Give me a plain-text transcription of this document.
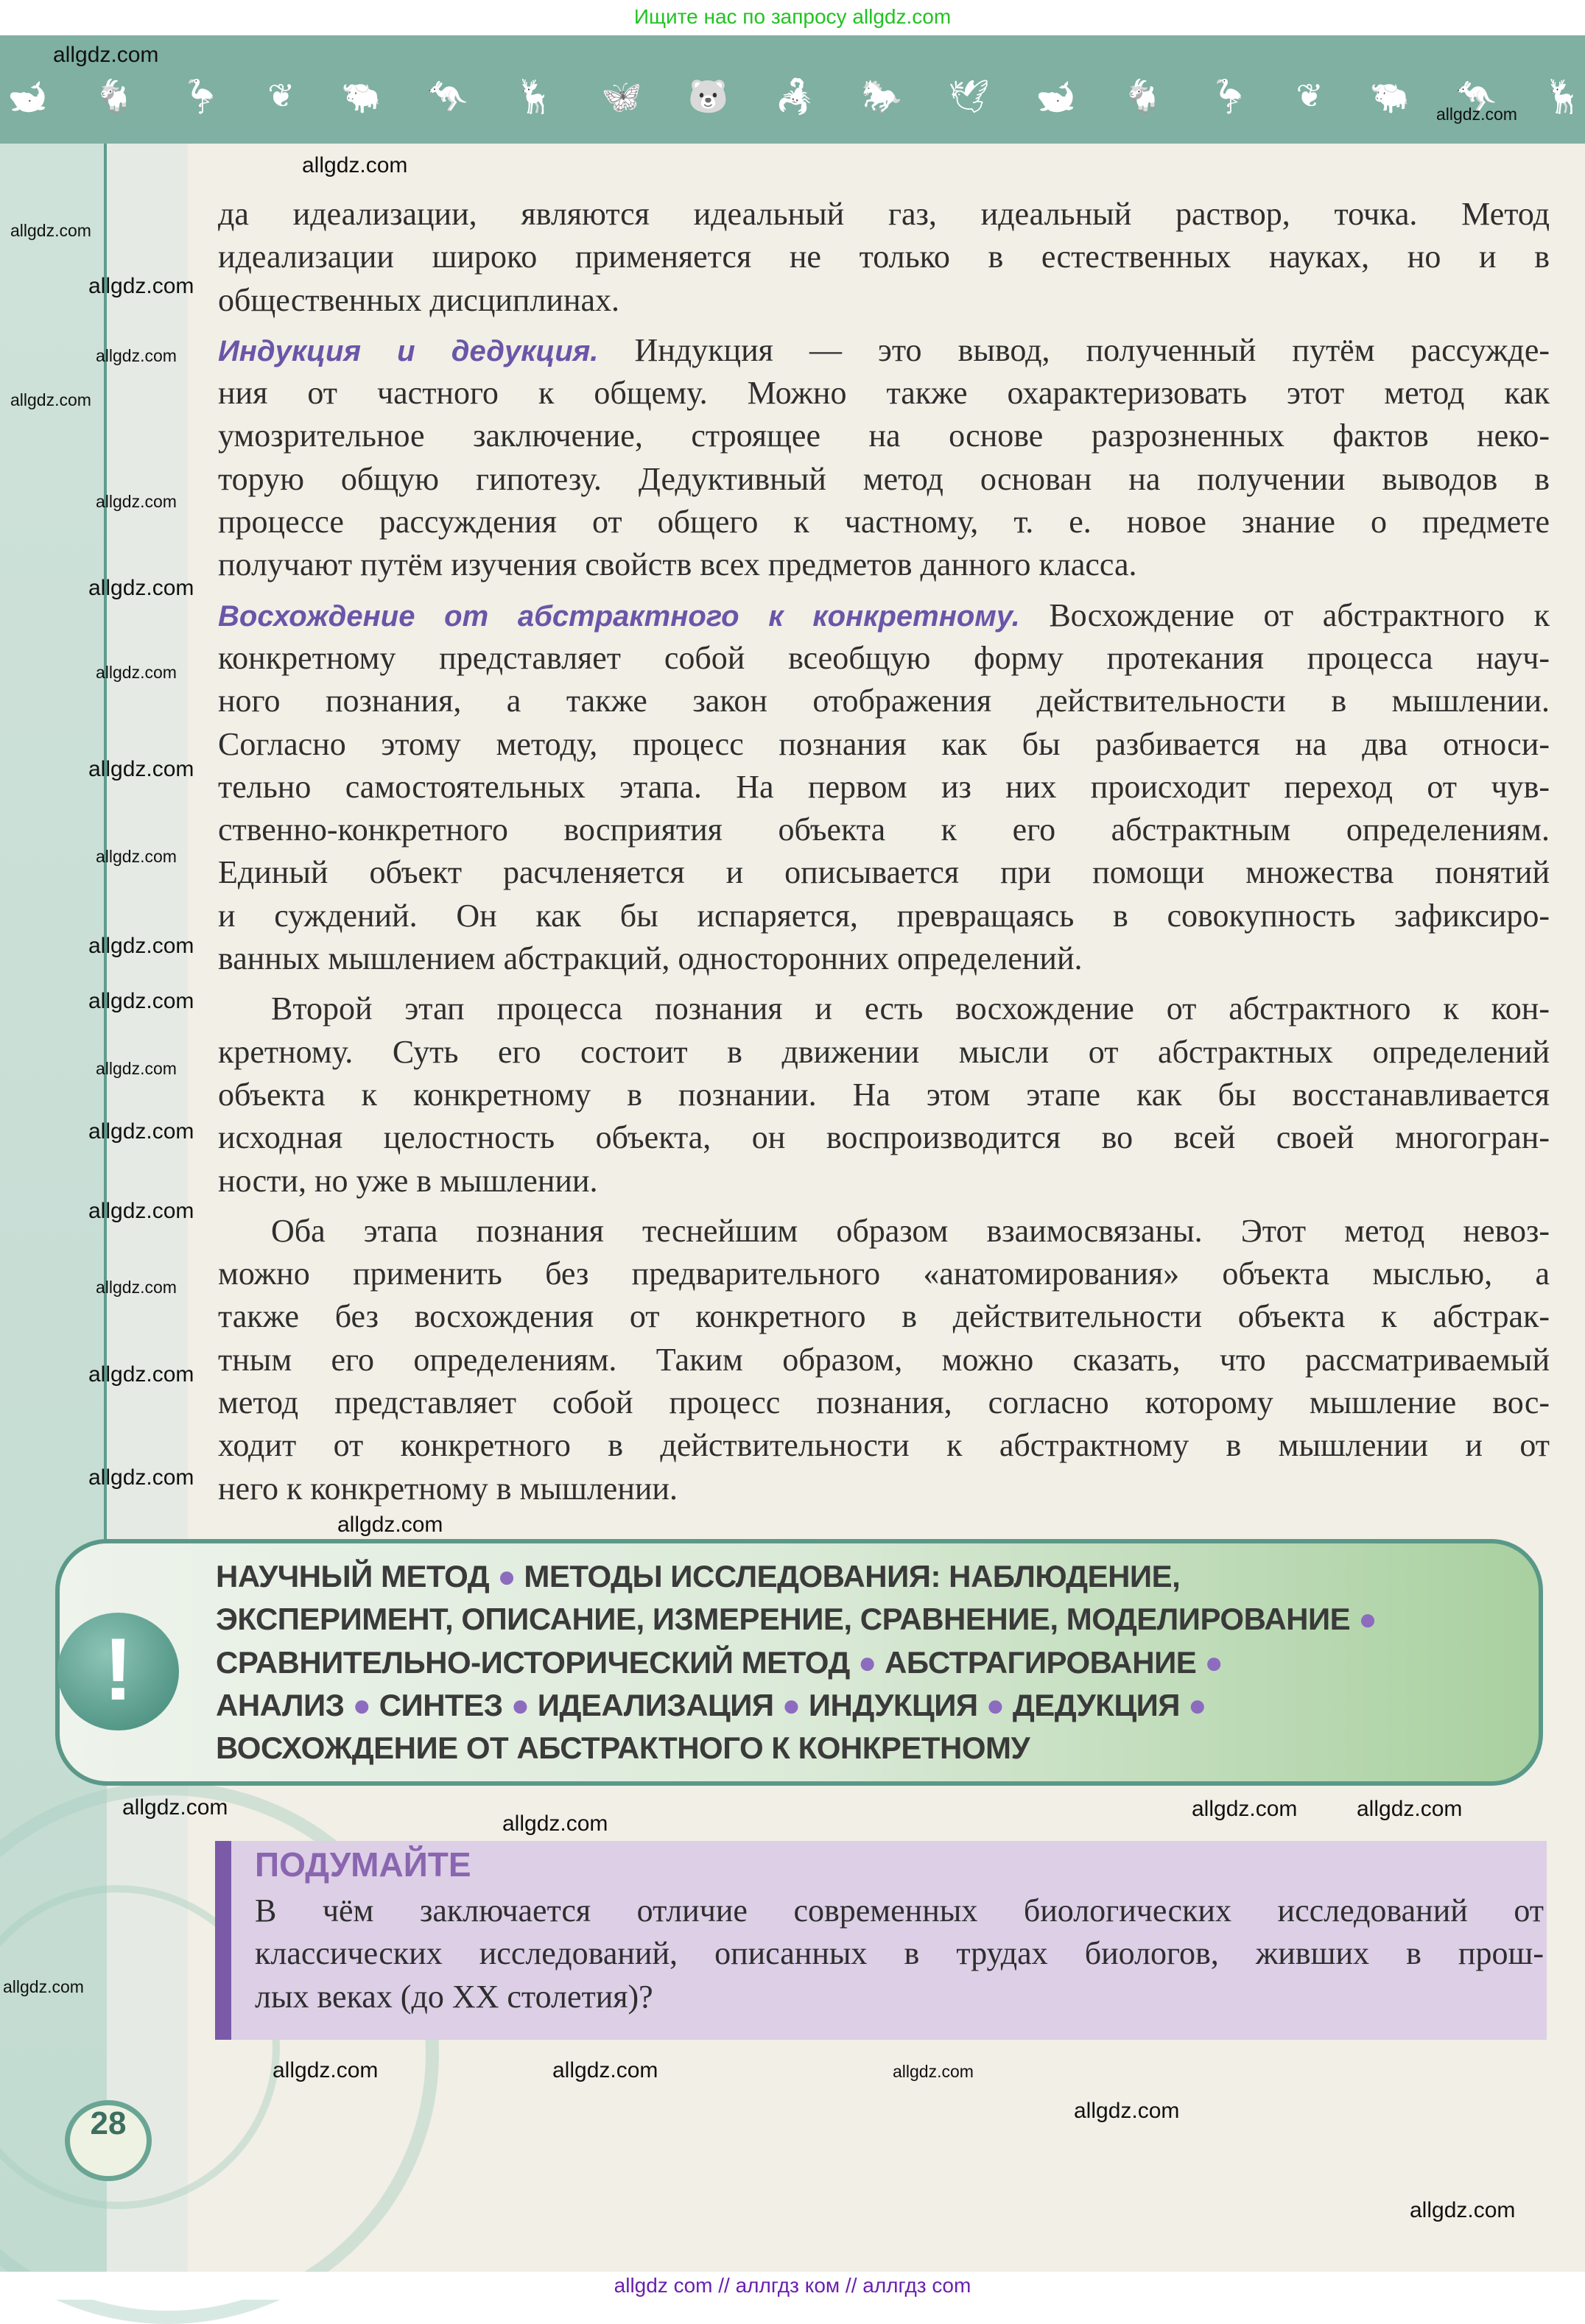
Ищите нас по запросу allgdz.com
🐋 🐐 🦩 ❦ 🐃 🦘 🦌 🦋 🐻 🦂 🐎 🕊 🐋 🐐 🦩 ❦ 🐃 🦘 🦌
да идеализации, являются идеальный газ, идеальный раствор, точка. Метод
идеализации широко применяется не только в естественных науках, но и в
общественных дисциплинах.
Индукция и дедукция. Индукция — это вывод, полученный путём рассужде-
ния от частного к общему. Можно также охарактеризовать этот метод как
умозрительное заключение, строящее на основе разрозненных фактов неко-
торую общую гипотезу. Дедуктивный метод основан на получении выводов в
процессе рассуждения от общего к частному, т. е. новое знание о предмете
получают путём изучения свойств всех предметов данного класса.
Восхождение от абстрактного к конкретному. Восхождение от абстрактного к
конкретному представляет собой всеобщую форму протекания процесса науч-
ного познания, а также закон отображения действительности в мышлении.
Согласно этому методу, процесс познания как бы разбивается на два относи-
тельно самостоятельных этапа. На первом из них происходит переход от чув-
ственно-конкретного восприятия объекта к его абстрактным определениям.
Единый объект расчленяется и описывается при помощи множества понятий
и суждений. Он как бы испаряется, превращаясь в совокупность зафиксиро-
ванных мышлением абстракций, односторонних определений.
Второй этап процесса познания и есть восхождение от абстрактного к кон-
кретному. Суть его состоит в движении мысли от абстрактных определений
объекта к конкретному в познании. На этом этапе как бы восстанавливается
исходная целостность объекта, он воспроизводится во всей своей многогран-
ности, но уже в мышлении.
Оба этапа познания теснейшим образом взаимосвязаны. Этот метод невоз-
можно применить без предварительного «анатомирования» объекта мыслью, а
также без восхождения от конкретного в действительности объекта к абстрак-
тным его определениям. Таким образом, можно сказать, что рассматриваемый
метод представляет собой процесс познания, согласно которому мышление вос-
ходит от конкретного в действительности к абстрактному в мышлении и от
него к конкретному в мышлении.
!
НАУЧНЫЙ МЕТОД ● МЕТОДЫ ИССЛЕДОВАНИЯ: НАБЛЮДЕНИЕ,
ЭКСПЕРИМЕНТ, ОПИСАНИЕ, ИЗМЕРЕНИЕ, СРАВНЕНИЕ, МОДЕЛИРОВАНИЕ ●
СРАВНИТЕЛЬНО-ИСТОРИЧЕСКИЙ МЕТОД ● АБСТРАГИРОВАНИЕ ●
АНАЛИЗ ● СИНТЕЗ ● ИДЕАЛИЗАЦИЯ ● ИНДУКЦИЯ ● ДЕДУКЦИЯ ●
ВОСХОЖДЕНИЕ ОТ АБСТРАКТНОГО К КОНКРЕТНОМУ
ПОДУМАЙТЕ
В чём заключается отличие современных биологических исследований от
классических исследований, описанных в трудах биологов, живших в прош-
лых веках (до XX столетия)?
28
allgdz com // аллгдз ком // аллгдз com
allgdz.com
allgdz.com
allgdz.com
allgdz.com
allgdz.com
allgdz.com
allgdz.com
allgdz.com
allgdz.com
allgdz.com
allgdz.com
allgdz.com
allgdz.com
allgdz.com
allgdz.com
allgdz.com
allgdz.com
allgdz.com
allgdz.com
allgdz.com
allgdz.com
allgdz.com	allgdz.com
allgdz.com
allgdz.com
allgdz.com
allgdz.com
allgdz.com	allgdz.com
allgdz.com
allgdz.com
